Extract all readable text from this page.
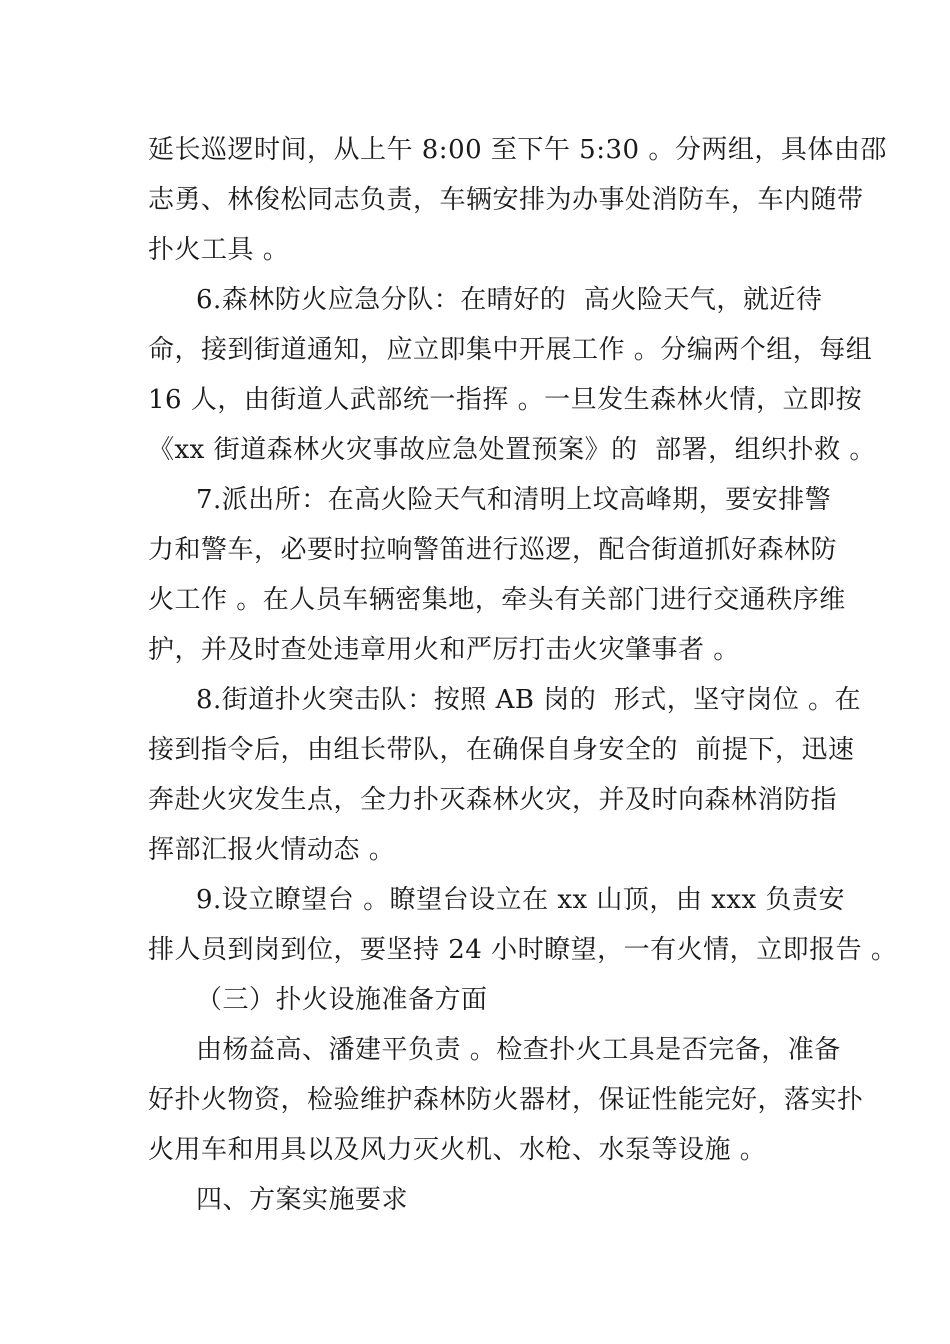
延长巡逻时间，从上午 8:00 至下午 5:30 。分两组，具体由邵
志勇、林俊松同志负责，车辆安排为办事处消防车，车内随带
扑火工具 。
6.森林防火应急分队：在晴好的  高火险天气，就近待
命，接到街道通知，应立即集中开展工作 。分编两个组，每组
16 人，由街道人武部统一指挥 。一旦发生森林火情，立即按
《xx 街道森林火灾事故应急处置预案》的  部署，组织扑救 。
7.派出所：在高火险天气和清明上坟高峰期，要安排警
力和警车，必要时拉响警笛进行巡逻，配合街道抓好森林防
火工作 。在人员车辆密集地，牵头有关部门进行交通秩序维
护，并及时查处违章用火和严厉打击火灾肇事者 。
8.街道扑火突击队：按照 AB 岗的  形式，坚守岗位 。在
接到指令后，由组长带队，在确保自身安全的  前提下，迅速
奔赴火灾发生点，全力扑灭森林火灾，并及时向森林消防指
挥部汇报火情动态 。
9.设立瞭望台 。瞭望台设立在 xx 山顶，由 xxx 负责安
排人员到岗到位，要坚持 24 小时瞭望，一有火情，立即报告 。
（三）扑火设施准备方面
由杨益高、潘建平负责 。检查扑火工具是否完备，准备
好扑火物资，检验维护森林防火器材，保证性能完好，落实扑
火用车和用具以及风力灭火机、水枪、水泵等设施 。
四、方案实施要求
